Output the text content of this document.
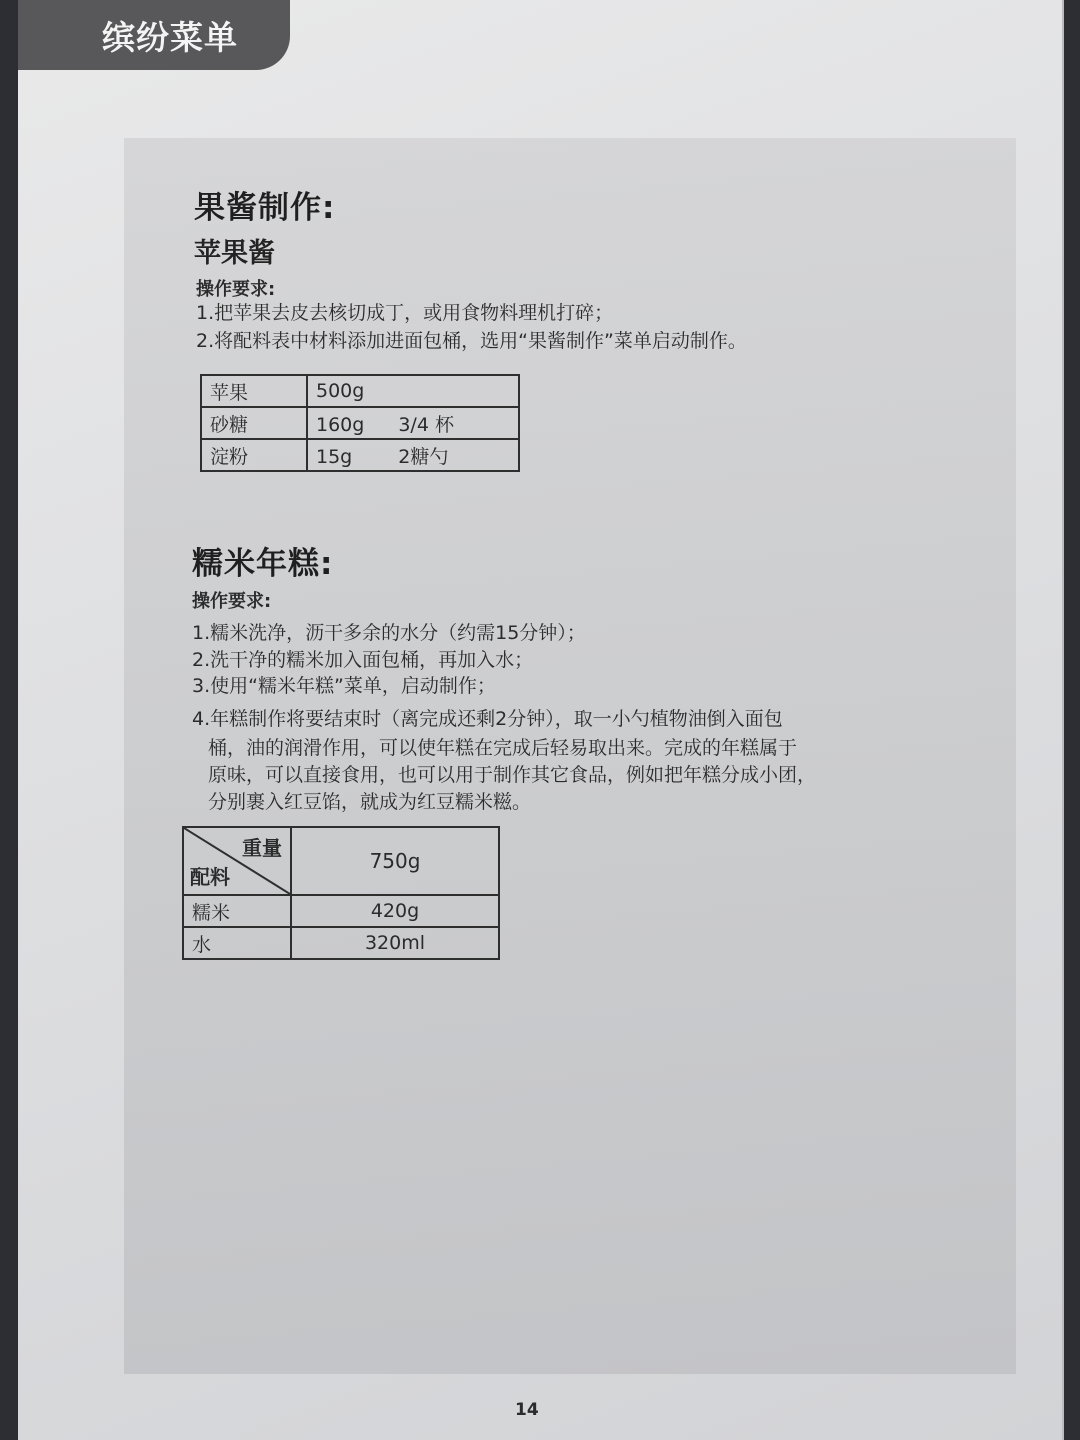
缤纷菜单
果酱制作:
苹果酱
操作要求:
1.把苹果去皮去核切成丁，或用食物料理机打碎；
2.将配料表中材料添加进面包桶，选用“果酱制作”菜单启动制作。
苹果	500g
砂糖	160g 3/4 杯
淀粉	15g 2糖勺
糯米年糕:
操作要求:
1.糯米洗净，沥干多余的水分（约需15分钟）；
2.洗干净的糯米加入面包桶，再加入水；
3.使用“糯米年糕”菜单，启动制作；
4.年糕制作将要结束时（离完成还剩2分钟），取一小勺植物油倒入面包
桶，油的润滑作用，可以使年糕在完成后轻易取出来。完成的年糕属于
原味，可以直接食用，也可以用于制作其它食品，例如把年糕分成小团，
分别裹入红豆馅，就成为红豆糯米糍。
重量
配料	750g
糯米	420g
水	320ml
14
